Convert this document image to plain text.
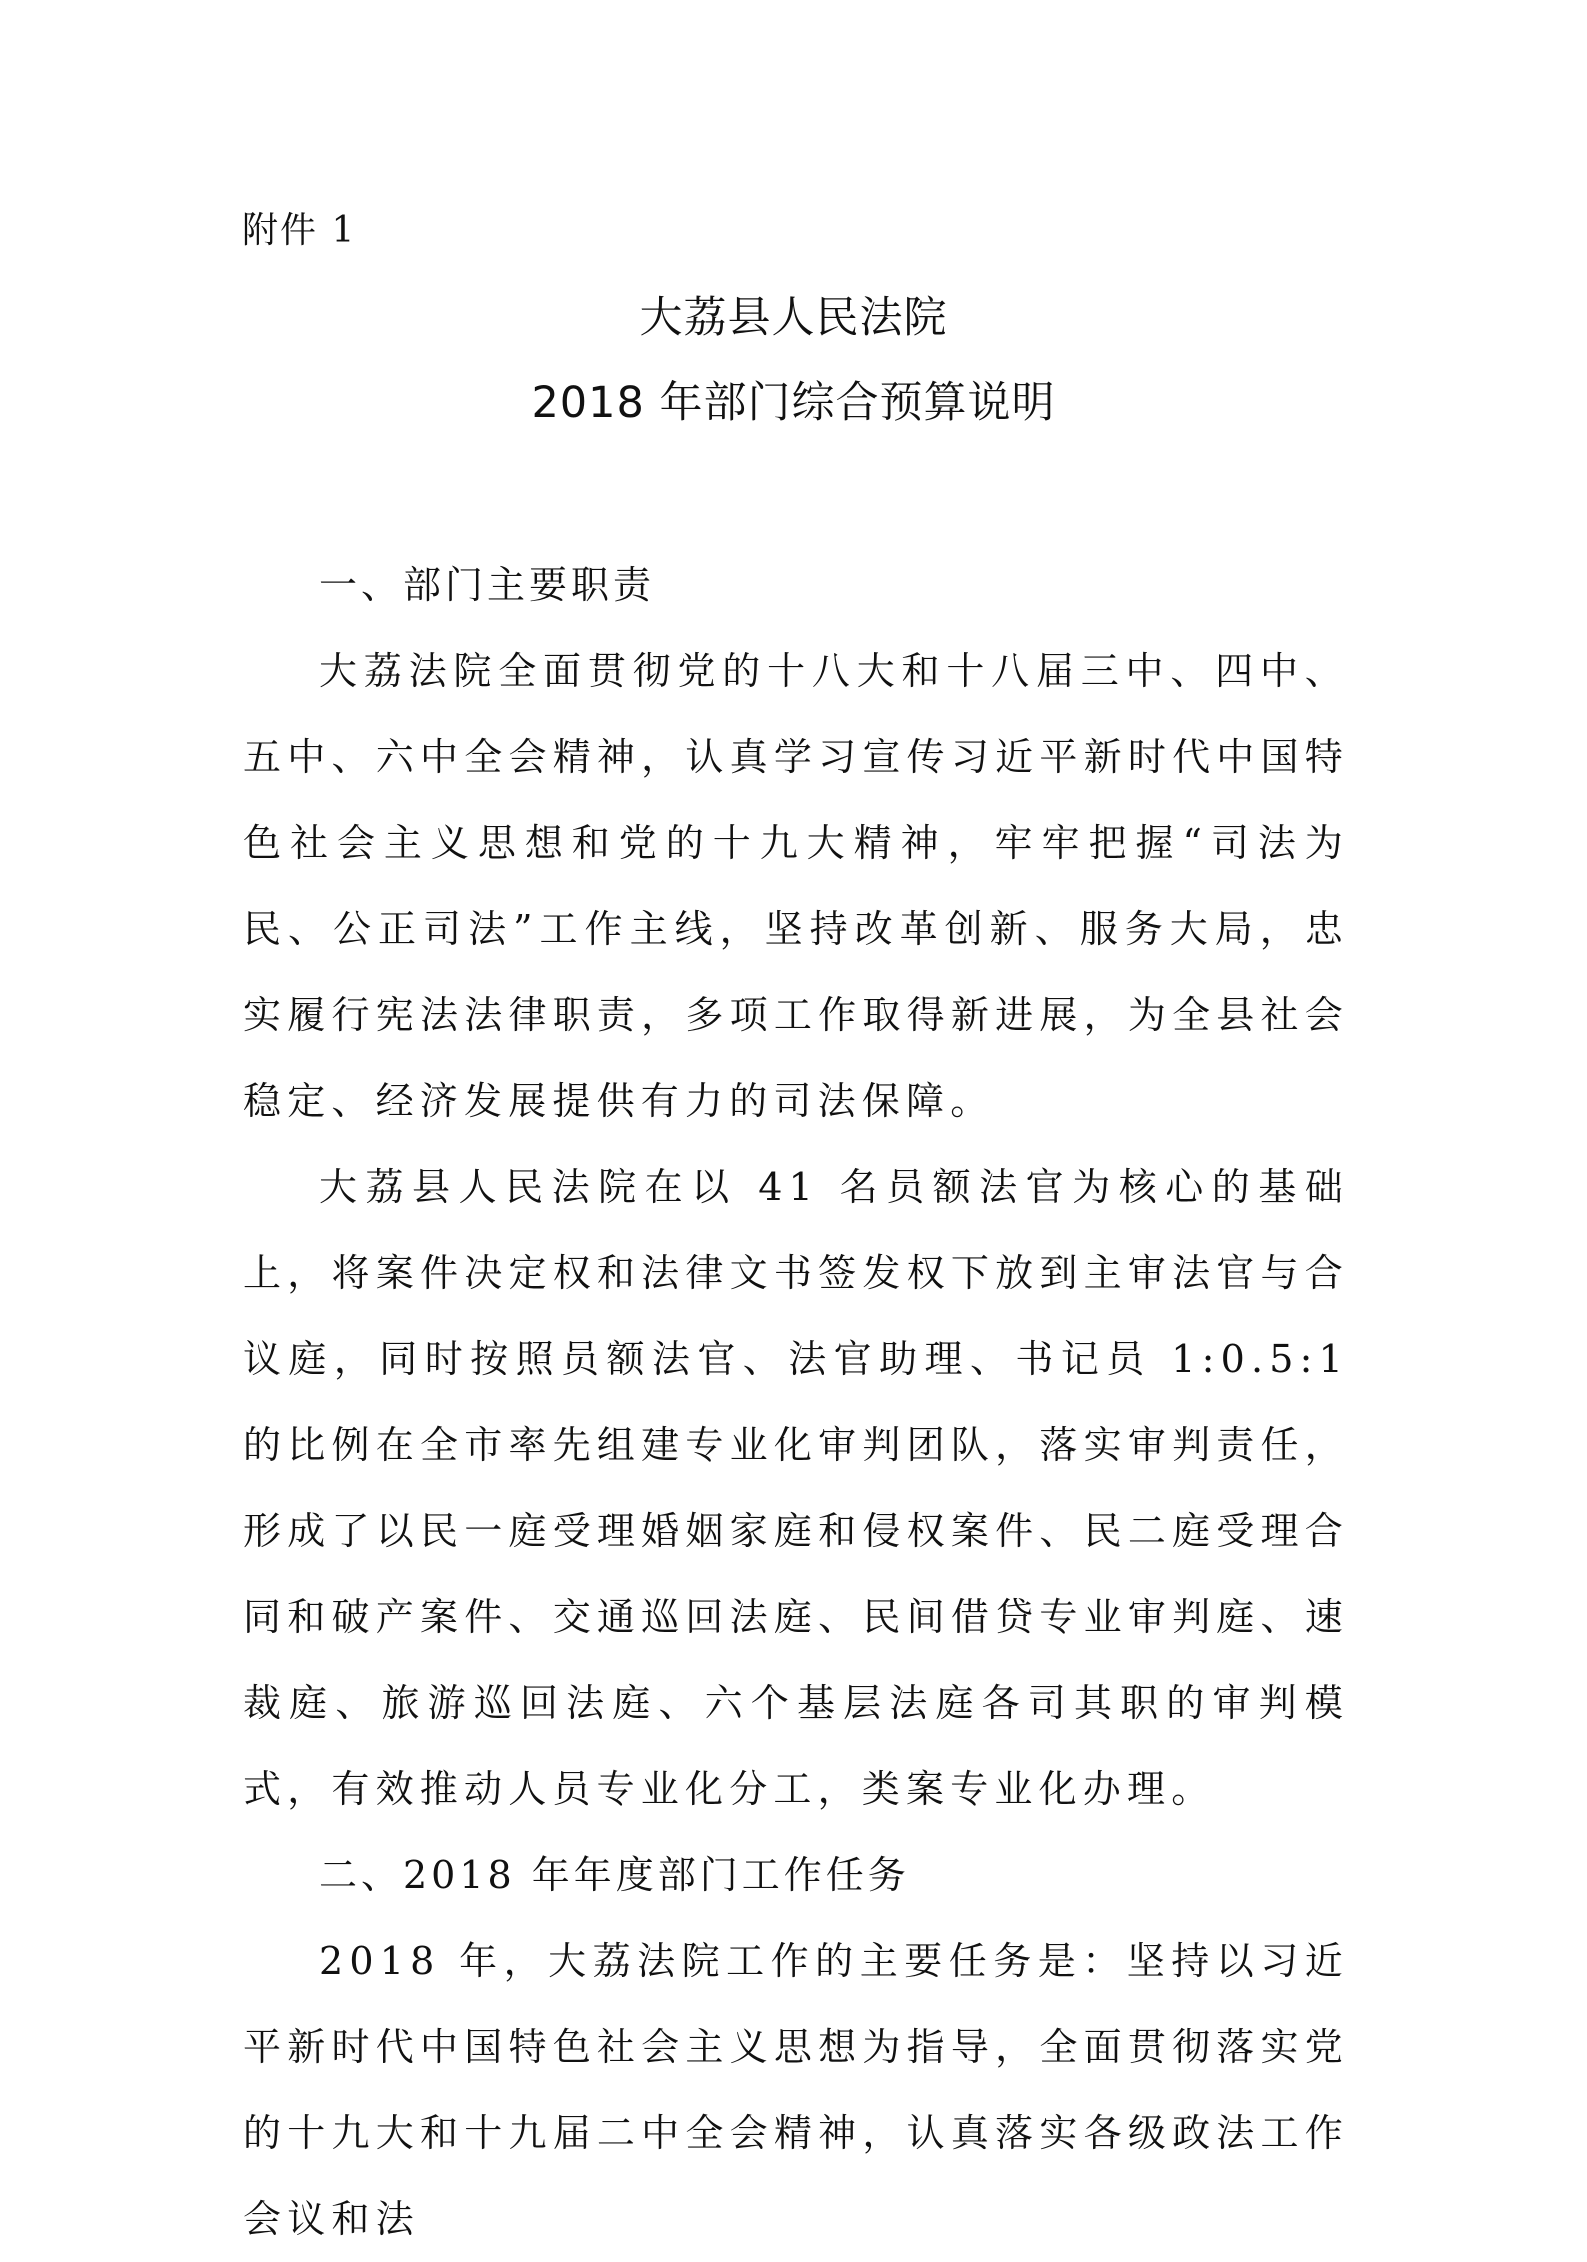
附件 1
大荔县人民法院
2018 年部门综合预算说明

一、部门主要职责

大荔法院全面贯彻党的十八大和十八届三中、四中、五中、六中全会精神，认真学习宣传习近平新时代中国特色社会主义思想和党的十九大精神，牢牢把握“司法为民、公正司法”工作主线，坚持改革创新、服务大局，忠实履行宪法法律职责，多项工作取得新进展，为全县社会稳定、经济发展提供有力的司法保障。

大荔县人民法院在以 41 名员额法官为核心的基础上，将案件决定权和法律文书签发权下放到主审法官与合议庭，同时按照员额法官、法官助理、书记员 1:0.5:1 的比例在全市率先组建专业化审判团队，落实审判责任，形成了以民一庭受理婚姻家庭和侵权案件、民二庭受理合同和破产案件、交通巡回法庭、民间借贷专业审判庭、速裁庭、旅游巡回法庭、六个基层法庭各司其职的审判模式，有效推动人员专业化分工，类案专业化办理。

二、2018 年年度部门工作任务

2018 年，大荔法院工作的主要任务是：坚持以习近平新时代中国特色社会主义思想为指导，全面贯彻落实党的十九大和十九届二中全会精神，认真落实各级政法工作会议和法
